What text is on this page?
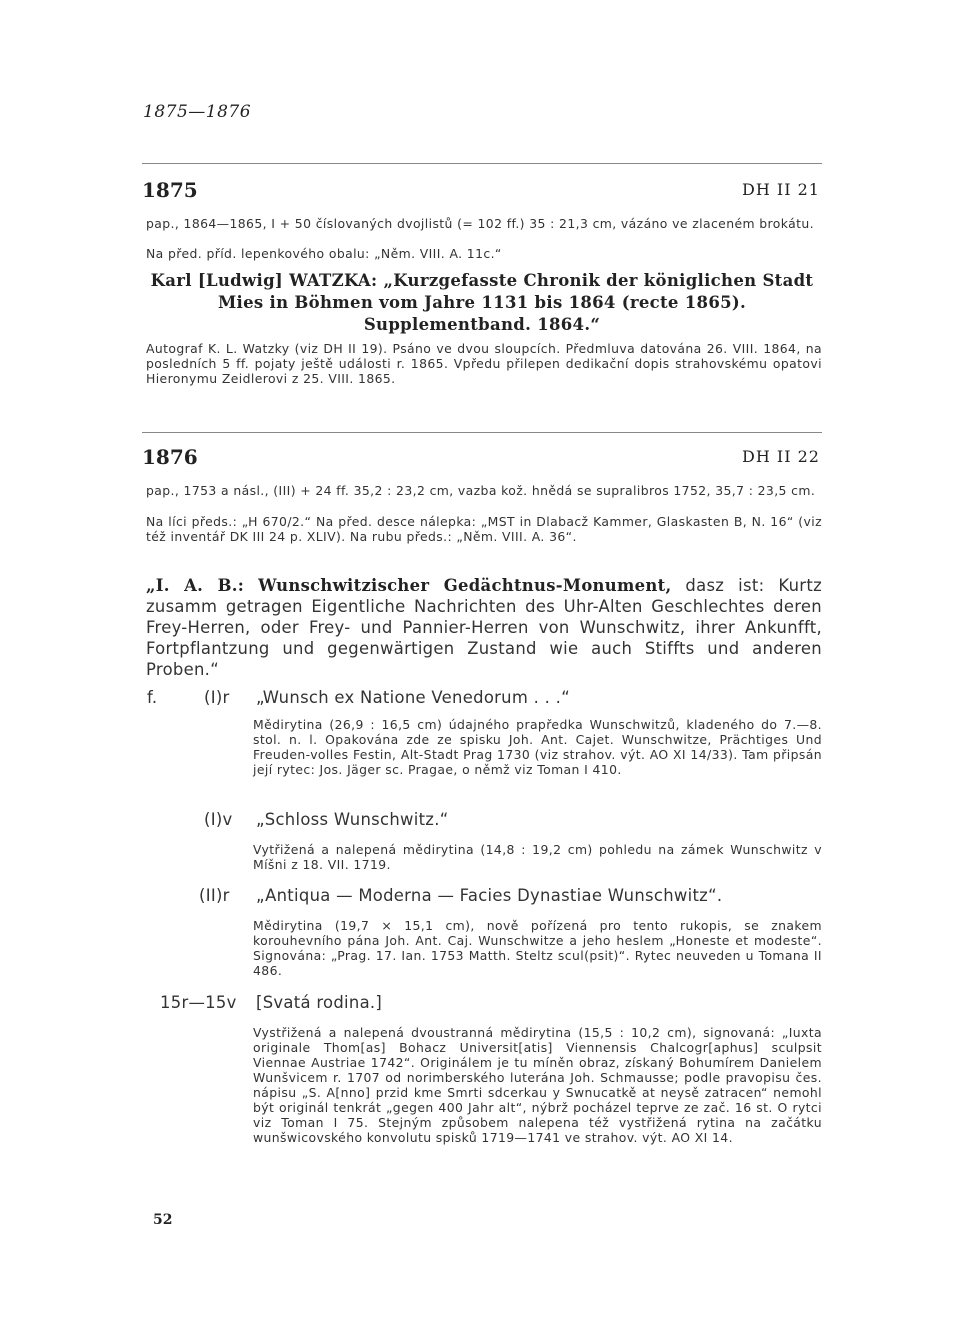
1875—1876
1875	DH II 21
pap., 1864—1865, I + 50 číslovaných dvojlistů (= 102 ff.) 35 : 21,3 cm, vázáno ve zlaceném brokátu.
Na před. příd. lepenkového obalu: „Něm. VIII. A. 11c.“
Karl [Ludwig] WATZKA: „Kurzgefasste Chronik der königlichen Stadt
Mies in Böhmen vom Jahre 1131 bis 1864 (recte 1865).
Supplementband. 1864.“
Autograf K. L. Watzky (viz DH II 19). Psáno ve dvou sloupcích. Předmluva datována 26. VIII. 1864, na posledních 5 ff. pojaty ještě události r. 1865. Vpředu přilepen dedikační dopis strahovskému opatovi Hieronymu Zeidlerovi z 25. VIII. 1865.
1876	DH II 22
pap., 1753 a násl., (III) + 24 ff. 35,2 : 23,2 cm, vazba kož. hnědá se supralibros 1752, 35,7 : 23,5 cm.
Na líci předs.: „H 670/2.“ Na před. desce nálepka: „MST in Dlabacž Kammer, Glaskasten B, N. 16“ (viz též inventář DK III 24 p. XLIV). Na rubu předs.: „Něm. VIII. A. 36“.
„I. A. B.: Wunschwitzischer Gedächtnus-Monument, dasz ist: Kurtz zusamm getragen Eigentliche Nachrichten des Uhr-Alten Geschlechtes deren Frey-Herren, oder Frey- und Pannier-Herren von Wunschwitz, ihrer Ankunfft, Fortpflantzung und gegenwärtigen Zustand wie auch Stiffts und anderen Proben.“
f.	(I)r „Wunsch ex Natione Venedorum . . .“
Mědirytina (26,9 : 16,5 cm) údajného prapředka Wunschwitzů, kladeného do 7.—8. stol. n. l. Opakována zde ze spisku Joh. Ant. Cajet. Wunschwitze, Prächtiges Und Freuden-volles Festin, Alt-Stadt Prag 1730 (viz strahov. výt. AO XI 14/33). Tam připsán její rytec: Jos. Jäger sc. Pragae, o němž viz Toman I 410.
(I)v „Schloss Wunschwitz.“
Vytřižená a nalepená mědirytina (14,8 : 19,2 cm) pohledu na zámek Wunschwitz v Míšni z 18. VII. 1719.
(II)r „Antiqua — Moderna — Facies Dynastiae Wunschwitz“.
Mědirytina (19,7 × 15,1 cm), nově pořízená pro tento rukopis, se znakem korouhevního pána Joh. Ant. Caj. Wunschwitze a jeho heslem „Honeste et modeste“. Signována: „Prag. 17. Ian. 1753 Matth. Steltz scul(psit)“. Rytec neuveden u Tomana II 486.
15r—15v [Svatá rodina.]
Vystřižená a nalepená dvoustranná mědirytina (15,5 : 10,2 cm), signovaná: „Iuxta originale Thom[as] Bohacz Universit[atis] Viennensis Chalcogr[aphus] sculpsit Viennae Austriae 1742“. Originálem je tu míněn obraz, získaný Bohumírem Danielem Wunšvicem r. 1707 od norimberského luteránа Joh. Schmausse; podle pravopisu čes. nápisu „S. A[nno] przid kme Smrti sdcerkau y Swnucatkě at neysě zatracen“ nemohl být originál tenkrát „gegen 400 Jahr alt“, nýbrž pocházel teprve ze zač. 16 st. O rytci viz Toman I 75. Stejným způsobem nalepena též vystřižená rytina na začátku wunšwicovského konvolutu spisků 1719—1741 ve strahov. výt. AO XI 14.
52
